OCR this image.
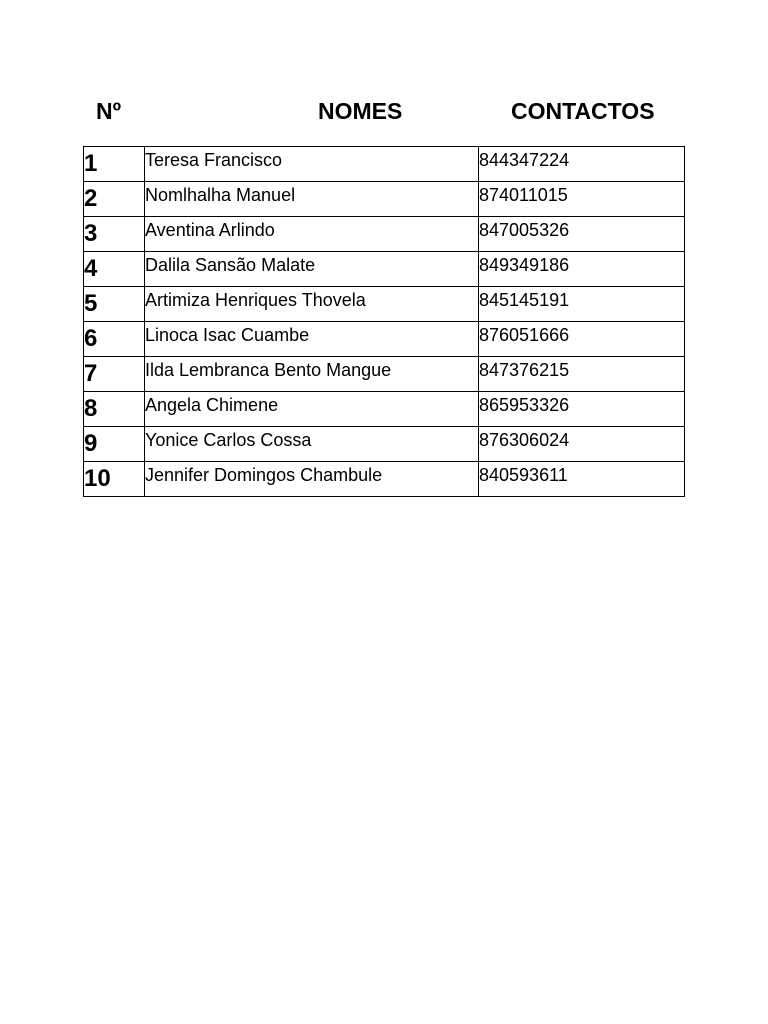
Nº	NOMES	CONTACTOS
1	Teresa Francisco	844347224
2	Nomlhalha Manuel	874011015
3	Aventina Arlindo	847005326
4	Dalila Sansão Malate	849349186
5	Artimiza Henriques Thovela	845145191
6	Linoca Isac Cuambe	876051666
7	Ilda Lembranca Bento Mangue	847376215
8	Angela Chimene	865953326
9	Yonice Carlos Cossa	876306024
10	Jennifer Domingos Chambule	840593611
